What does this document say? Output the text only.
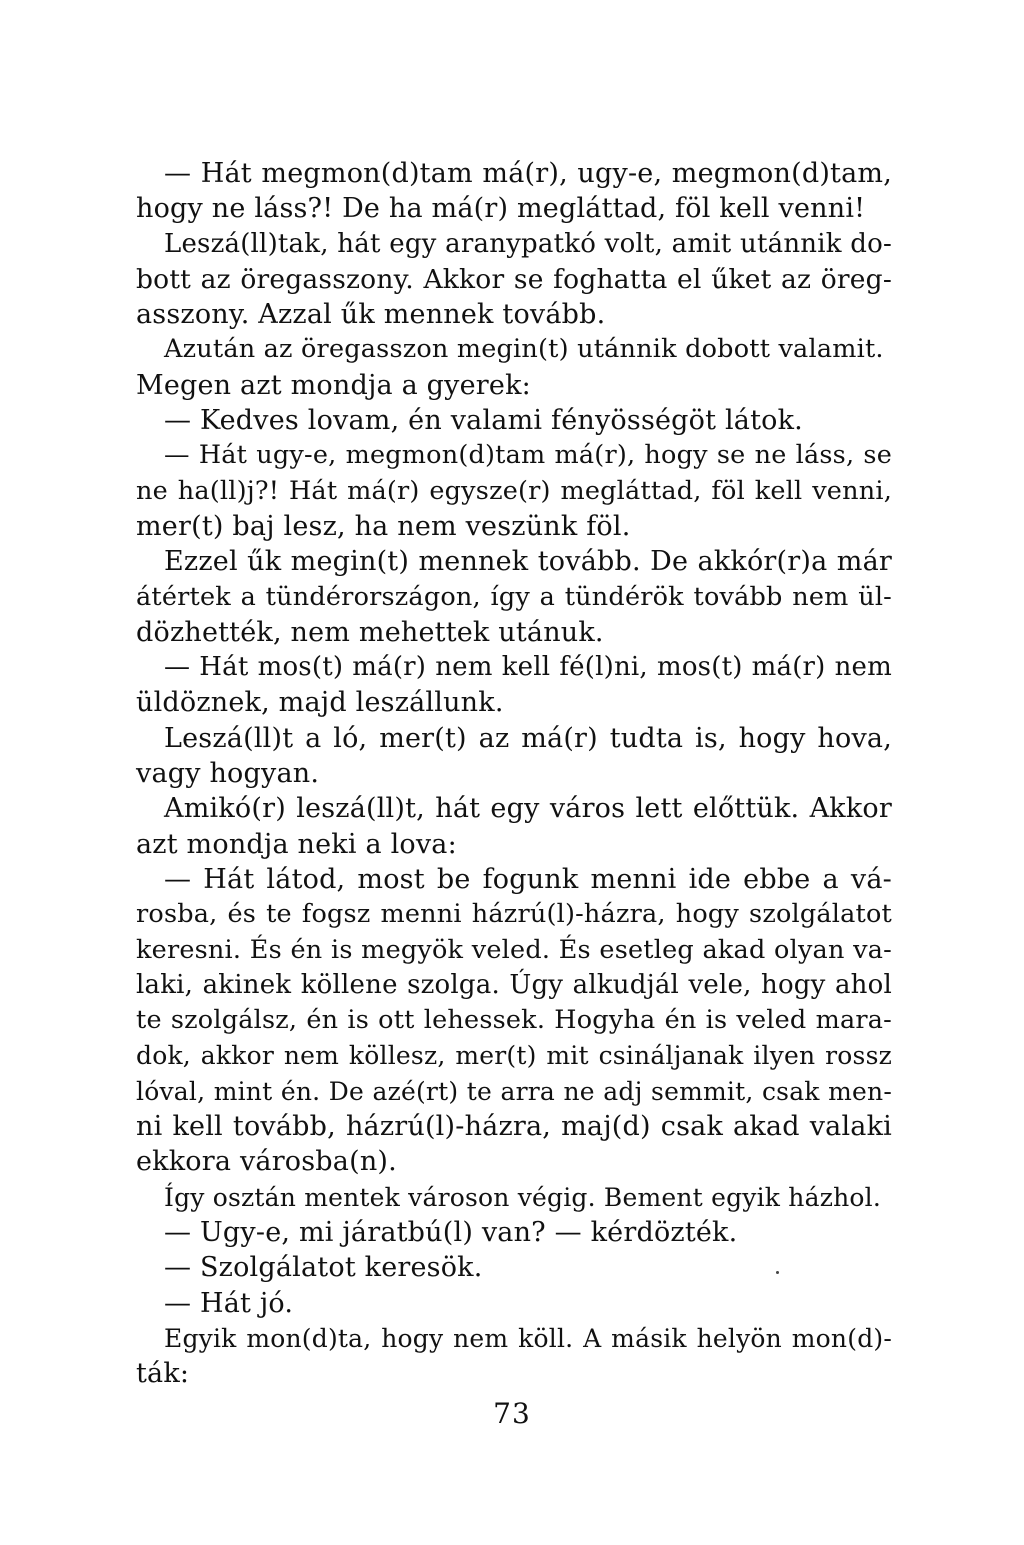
— Hát megmon(d)tam má(r), ugy-e, megmon(d)tam,
hogy ne láss?! De ha má(r) megláttad, föl kell venni!
Leszá(ll)tak, hát egy aranypatkó volt, amit utánnik do-
bott az öregasszony. Akkor se foghatta el űket az öreg-
asszony. Azzal űk mennek tovább.
Azután az öregasszon megin(t) utánnik dobott valamit.
Megen azt mondja a gyerek:
— Kedves lovam, én valami fényösségöt látok.
— Hát ugy-e, megmon(d)tam má(r), hogy se ne láss, se
ne ha(ll)j?! Hát má(r) egysze(r) megláttad, föl kell venni,
mer(t) baj lesz, ha nem veszünk föl.
Ezzel űk megin(t) mennek tovább. De akkór(r)a már
átértek a tündérországon, így a tündérök tovább nem ül-
dözhették, nem mehettek utánuk.
— Hát mos(t) má(r) nem kell fé(l)ni, mos(t) má(r) nem
üldöznek, majd leszállunk.
Leszá(ll)t a ló, mer(t) az má(r) tudta is, hogy hova,
vagy hogyan.
Amikó(r) leszá(ll)t, hát egy város lett előttük. Akkor
azt mondja neki a lova:
— Hát látod, most be fogunk menni ide ebbe a vá-
rosba, és te fogsz menni házrú(l)-házra, hogy szolgálatot
keresni. És én is megyök veled. És esetleg akad olyan va-
laki, akinek köllene szolga. Úgy alkudjál vele, hogy ahol
te szolgálsz, én is ott lehessek. Hogyha én is veled mara-
dok, akkor nem köllesz, mer(t) mit csináljanak ilyen rossz
lóval, mint én. De azé(rt) te arra ne adj semmit, csak men-
ni kell tovább, házrú(l)-házra, maj(d) csak akad valaki
ekkora városba(n).
Így osztán mentek városon végig. Bement egyik házhol.
— Ugy-e, mi járatbú(l) van? — kérdözték.
— Szolgálatot keresök.
— Hát jó.
Egyik mon(d)ta, hogy nem köll. A másik helyön mon(d)-
ták:
73
